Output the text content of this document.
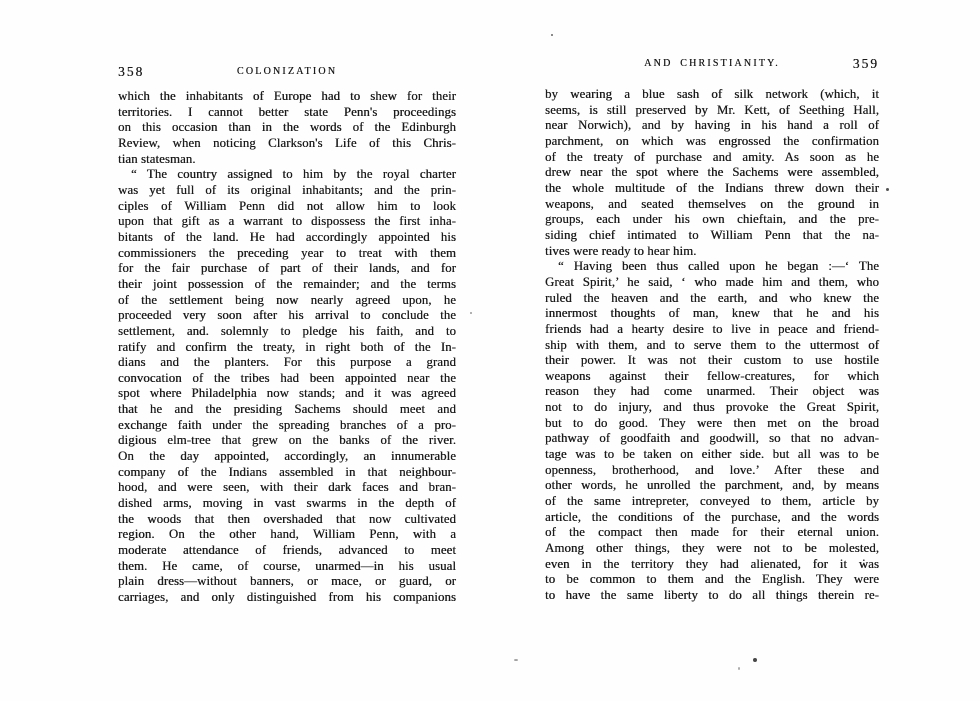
358	COLONIZATION
which the inhabitants of Europe had to shew for their
territories. I cannot better state Penn's proceedings
on this occasion than in the words of the Edinburgh
Review, when noticing Clarkson's Life of this Chris-
tian statesman.
“ The country assigned to him by the royal charter
was yet full of its original inhabitants; and the prin-
ciples of William Penn did not allow him to look
upon that gift as a warrant to dispossess the first inha-
bitants of the land. He had accordingly appointed his
commissioners the preceding year to treat with them
for the fair purchase of part of their lands, and for
their joint possession of the remainder; and the terms
of the settlement being now nearly agreed upon, he
proceeded very soon after his arrival to conclude the
settlement, and. solemnly to pledge his faith, and to
ratify and confirm the treaty, in right both of the In-
dians and the planters. For this purpose a grand
convocation of the tribes had been appointed near the
spot where Philadelphia now stands; and it was agreed
that he and the presiding Sachems should meet and
exchange faith under the spreading branches of a pro-
digious elm-tree that grew on the banks of the river.
On the day appointed, accordingly, an innumerable
company of the Indians assembled in that neighbour-
hood, and were seen, with their dark faces and bran-
dished arms, moving in vast swarms in the depth of
the woods that then overshaded that now cultivated
region. On the other hand, William Penn, with a
moderate attendance of friends, advanced to meet
them. He came, of course, unarmed—in his usual
plain dress—without banners, or mace, or guard, or
carriages, and only distinguished from his companions
359
AND CHRISTIANITY.
by wearing a blue sash of silk network (which, it
seems, is still preserved by Mr. Kett, of Seething Hall,
near Norwich), and by having in his hand a roll of
parchment, on which was engrossed the confirmation
of the treaty of purchase and amity. As soon as he
drew near the spot where the Sachems were assembled,
the whole multitude of the Indians threw down their
weapons, and seated themselves on the ground in
groups, each under his own chieftain, and the pre-
siding chief intimated to William Penn that the na-
tives were ready to hear him.
“ Having been thus called upon he began :—‘ The
Great Spirit,’ he said, ‘ who made him and them, who
ruled the heaven and the earth, and who knew the
innermost thoughts of man, knew that he and his
friends had a hearty desire to live in peace and friend-
ship with them, and to serve them to the uttermost of
their power. It was not their custom to use hostile
weapons against their fellow-creatures, for which
reason they had come unarmed. Their object was
not to do injury, and thus provoke the Great Spirit,
but to do good. They were then met on the broad
pathway of goodfaith and goodwill, so that no advan-
tage was to be taken on either side. but all was to be
openness, brotherhood, and love.’ After these and
other words, he unrolled the parchment, and, by means
of the same intrepreter, conveyed to them, article by
article, the conditions of the purchase, and the words
of the compact then made for their eternal union.
Among other things, they were not to be molested,
even in the territory they had alienated, for it ẇas
to be common to them and the English. They were
to have the same liberty to do all things therein re-
